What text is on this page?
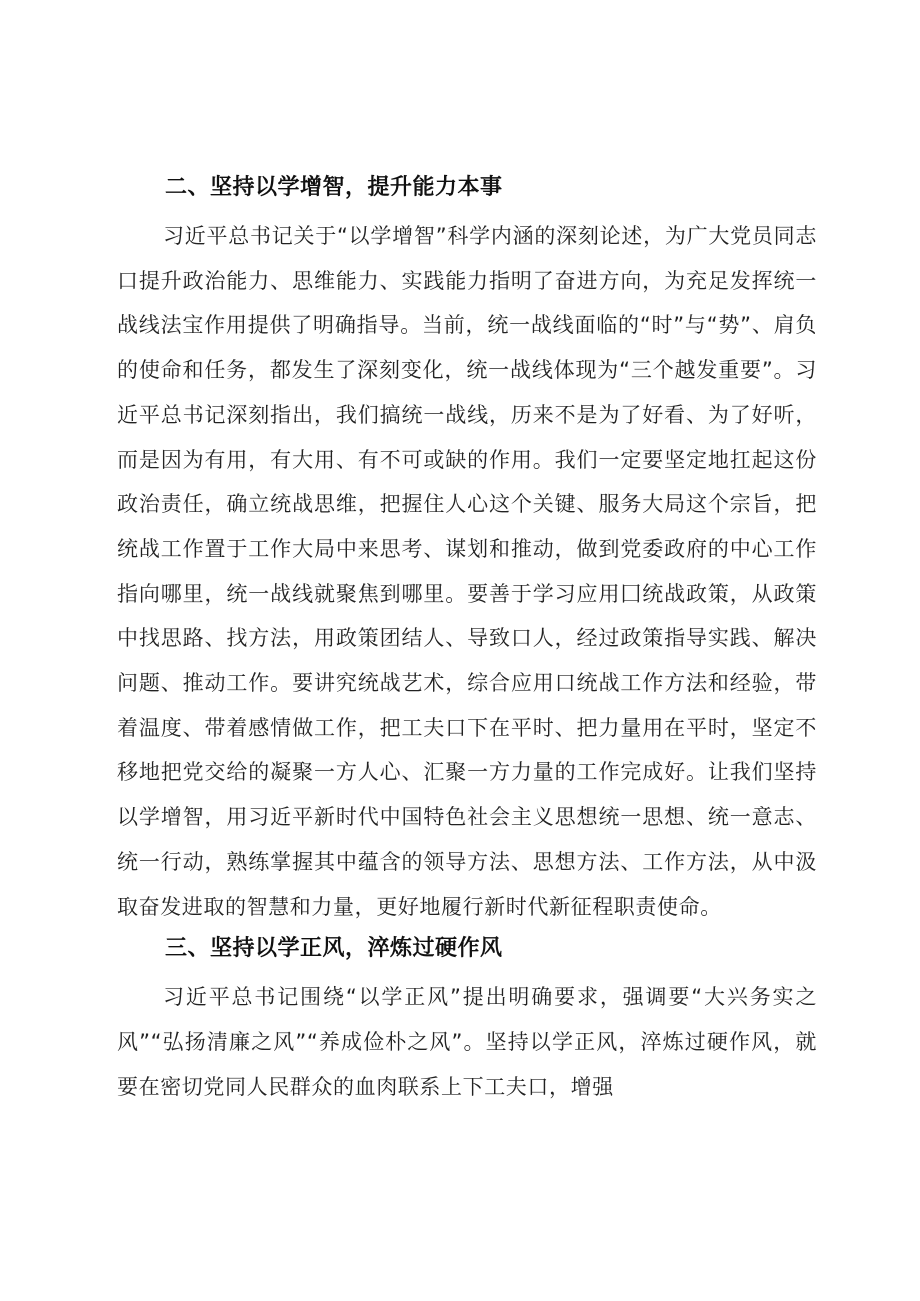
二、坚持以学增智，提升能力本事

习近平总书记关于“以学增智”科学内涵的深刻论述，为广大党员同志口提升政治能力、思维能力、实践能力指明了奋进方向，为充足发挥统一战线法宝作用提供了明确指导。当前，统一战线面临的“时”与“势”、肩负的使命和任务，都发生了深刻变化，统一战线体现为“三个越发重要”。习近平总书记深刻指出，我们搞统一战线，历来不是为了好看、为了好听，而是因为有用，有大用、有不可或缺的作用。我们一定要坚定地扛起这份政治责任，确立统战思维，把握住人心这个关键、服务大局这个宗旨，把统战工作置于工作大局中来思考、谋划和推动，做到党委政府的中心工作指向哪里，统一战线就聚焦到哪里。要善于学习应用囗统战政策，从政策中找思路、找方法，用政策团结人、导致口人，经过政策指导实践、解决问题、推动工作。要讲究统战艺术，综合应用口统战工作方法和经验，带着温度、带着感情做工作，把工夫口下在平时、把力量用在平时，坚定不移地把党交给的凝聚一方人心、汇聚一方力量的工作完成好。让我们坚持以学增智，用习近平新时代中国特色社会主义思想统一思想、统一意志、统一行动，熟练掌握其中蕴含的领导方法、思想方法、工作方法，从中汲取奋发进取的智慧和力量，更好地履行新时代新征程职责使命。

三、坚持以学正风，淬炼过硬作风

习近平总书记围绕“以学正风”提出明确要求，强调要“大兴务实之风”“弘扬清廉之风”“养成俭朴之风”。坚持以学正风，淬炼过硬作风，就要在密切党同人民群众的血肉联系上下工夫口，增强
